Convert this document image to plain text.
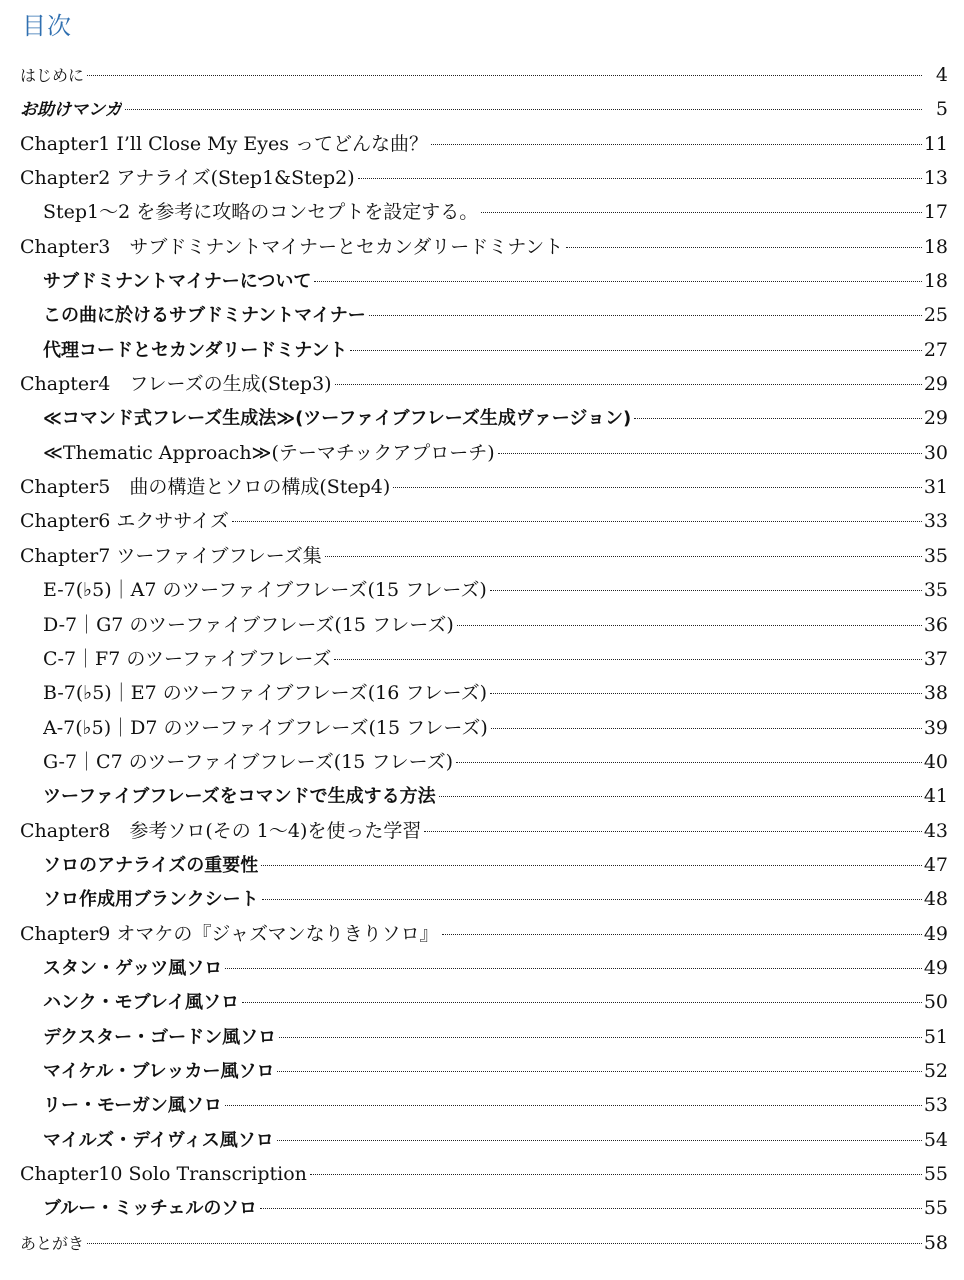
目次
はじめに	4
お助けマンガ	5
Chapter1 I’ll Close My Eyes ってどんな曲？	11
Chapter2 アナライズ(Step1&Step2)	13
Step1～2 を参考に攻略のコンセプトを設定する。	17
Chapter3　サブドミナントマイナーとセカンダリードミナント	18
サブドミナントマイナーについて	18
この曲に於けるサブドミナントマイナー	25
代理コードとセカンダリードミナント	27
Chapter4　フレーズの生成(Step3)	29
≪コマンド式フレーズ生成法≫(ツーファイブフレーズ生成ヴァージョン)	29
≪Thematic Approach≫(テーマチックアプローチ)	30
Chapter5　曲の構造とソロの構成(Step4)	31
Chapter6 エクササイズ	33
Chapter7 ツーファイブフレーズ集	35
E-7(♭5)｜A7 のツーファイブフレーズ(15 フレーズ)	35
D-7｜G7 のツーファイブフレーズ(15 フレーズ)	36
C-7｜F7 のツーファイブフレーズ	37
B-7(♭5)｜E7 のツーファイブフレーズ(16 フレーズ)	38
A-7(♭5)｜D7 のツーファイブフレーズ(15 フレーズ)	39
G-7｜C7 のツーファイブフレーズ(15 フレーズ)	40
ツーファイブフレーズをコマンドで生成する方法	41
Chapter8　参考ソロ(その 1～4)を使った学習	43
ソロのアナライズの重要性	47
ソロ作成用ブランクシート	48
Chapter9 オマケの『ジャズマンなりきりソロ』	49
スタン・ゲッツ風ソロ	49
ハンク・モブレイ風ソロ	50
デクスター・ゴードン風ソロ	51
マイケル・ブレッカー風ソロ	52
リー・モーガン風ソロ	53
マイルズ・デイヴィス風ソロ	54
Chapter10 Solo Transcription	55
ブルー・ミッチェルのソロ	55
あとがき	58
